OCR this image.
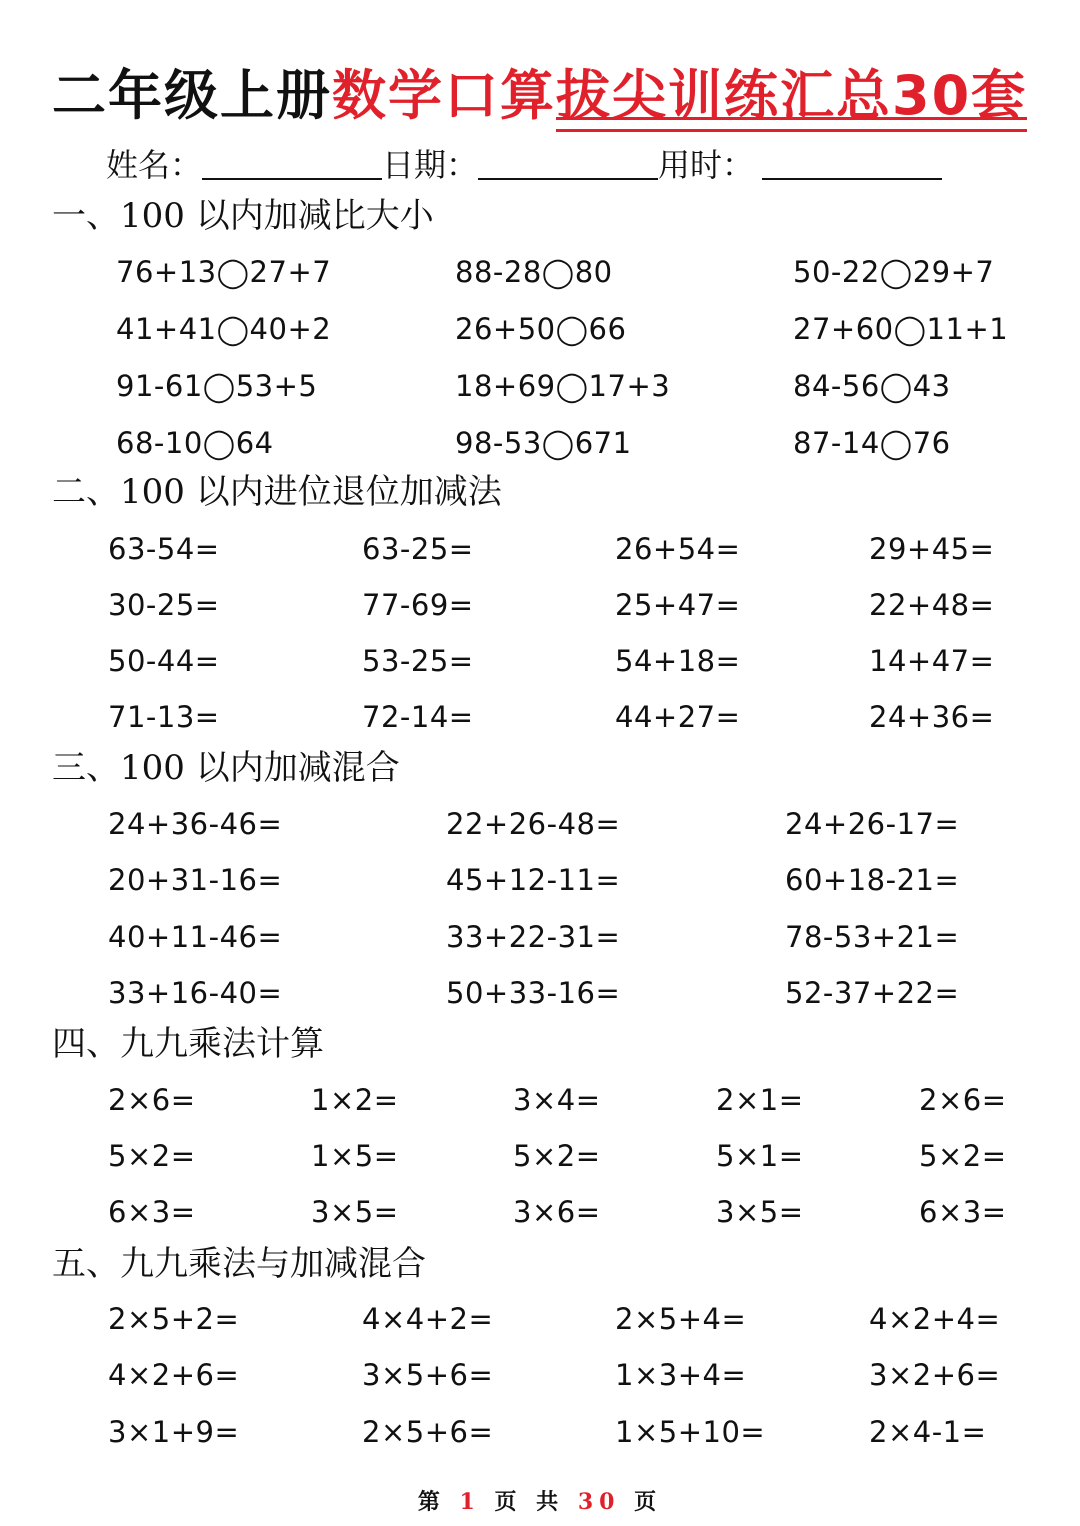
二年级上册数学口算拔尖训练汇总30套
姓名：	日期：	用时：
一、100 以内加减比大小
二、100 以内进位退位加减法
三、100 以内加减混合
四、九九乘法计算
五、九九乘法与加减混合
76+13◯27+7	88-28◯80	50-22◯29+7
41+41◯40+2	26+50◯66	27+60◯11+1
91-61◯53+5	18+69◯17+3	84-56◯43
68-10◯64	98-53◯671	87-14◯76
63-54=	63-25=	26+54=	29+45=
30-25=	77-69=	25+47=	22+48=
50-44=	53-25=	54+18=	14+47=
71-13=	72-14=	44+27=	24+36=
24+36-46=	22+26-48=	24+26-17=
20+31-16=	45+12-11=	60+18-21=
40+11-46=	33+22-31=	78-53+21=
33+16-40=	50+33-16=	52-37+22=
2×6=	1×2=	3×4=	2×1=	2×6=
5×2=	1×5=	5×2=	5×1=	5×2=
6×3=	3×5=	3×6=	3×5=	6×3=
2×5+2=	4×4+2=	2×5+4=	4×2+4=
4×2+6=	3×5+6=	1×3+4=	3×2+6=
3×1+9=	2×5+6=	1×5+10=	2×4-1=
第 1 页 共 30 页
